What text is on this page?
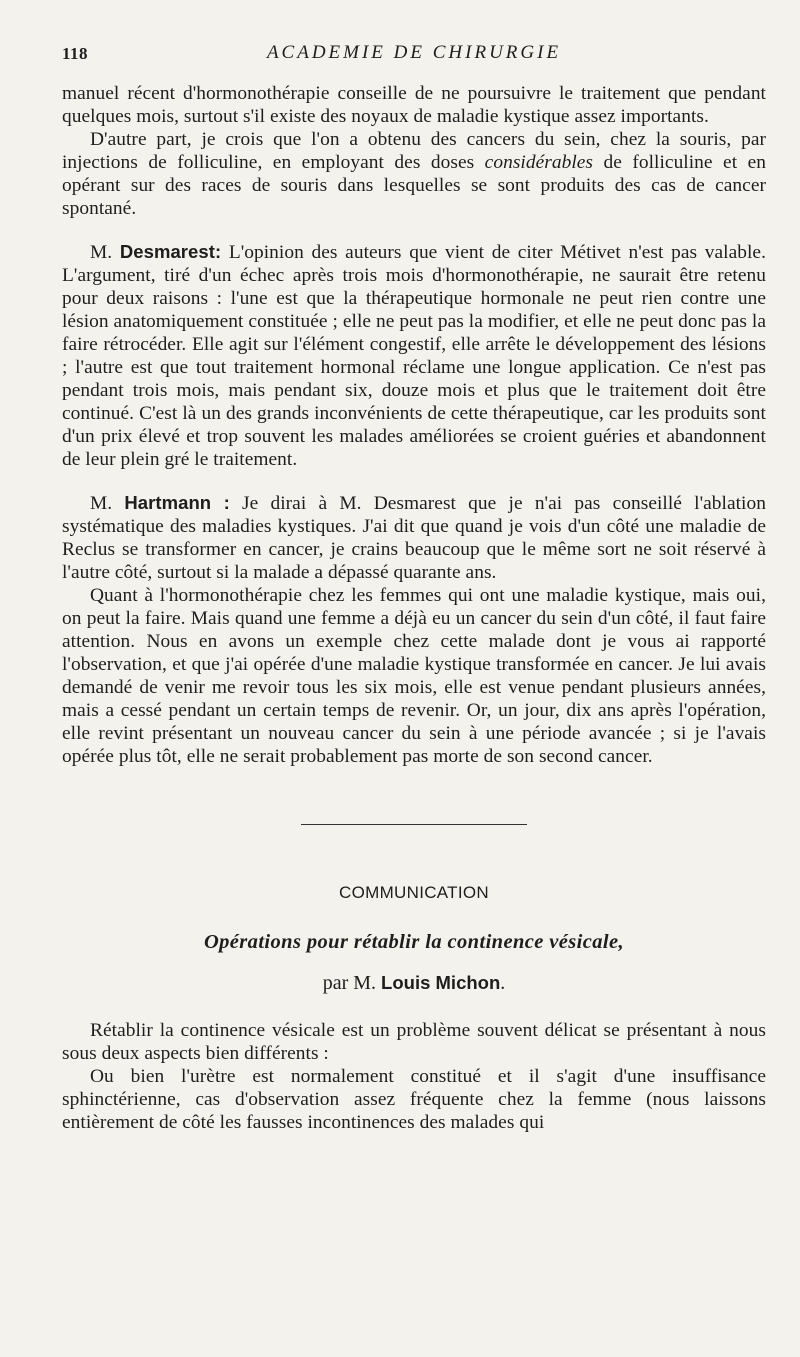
118	ACADEMIE DE CHIRURGIE

manuel récent d'hormonothérapie conseille de ne poursuivre le traitement que pendant quelques mois, surtout s'il existe des noyaux de maladie kystique assez importants.

D'autre part, je crois que l'on a obtenu des cancers du sein, chez la souris, par injections de folliculine, en employant des doses considérables de folliculine et en opérant sur des races de souris dans lesquelles se sont produits des cas de cancer spontané.

M. Desmarest: L'opinion des auteurs que vient de citer Métivet n'est pas valable. L'argument, tiré d'un échec après trois mois d'hormonothérapie, ne saurait être retenu pour deux raisons : l'une est que la thérapeutique hormonale ne peut rien contre une lésion anatomiquement constituée ; elle ne peut pas la modifier, et elle ne peut donc pas la faire rétrocéder. Elle agit sur l'élément congestif, elle arrête le développement des lésions ; l'autre est que tout traitement hormonal réclame une longue application. Ce n'est pas pendant trois mois, mais pendant six, douze mois et plus que le traitement doit être continué. C'est là un des grands inconvénients de cette thérapeutique, car les produits sont d'un prix élevé et trop souvent les malades améliorées se croient guéries et abandonnent de leur plein gré le traitement.

M. Hartmann : Je dirai à M. Desmarest que je n'ai pas conseillé l'ablation systématique des maladies kystiques. J'ai dit que quand je vois d'un côté une maladie de Reclus se transformer en cancer, je crains beaucoup que le même sort ne soit réservé à l'autre côté, surtout si la malade a dépassé quarante ans.

Quant à l'hormonothérapie chez les femmes qui ont une maladie kystique, mais oui, on peut la faire. Mais quand une femme a déjà eu un cancer du sein d'un côté, il faut faire attention. Nous en avons un exemple chez cette malade dont je vous ai rapporté l'observation, et que j'ai opérée d'une maladie kystique transformée en cancer. Je lui avais demandé de venir me revoir tous les six mois, elle est venue pendant plusieurs années, mais a cessé pendant un certain temps de revenir. Or, un jour, dix ans après l'opération, elle revint présentant un nouveau cancer du sein à une période avancée ; si je l'avais opérée plus tôt, elle ne serait probablement pas morte de son second cancer.

COMMUNICATION
Opérations pour rétablir la continence vésicale,
par M. Louis Michon.

Rétablir la continence vésicale est un problème souvent délicat se présentant à nous sous deux aspects bien différents :

Ou bien l'urètre est normalement constitué et il s'agit d'une insuffisance sphinctérienne, cas d'observation assez fréquente chez la femme (nous laissons entièrement de côté les fausses incontinences des malades qui
